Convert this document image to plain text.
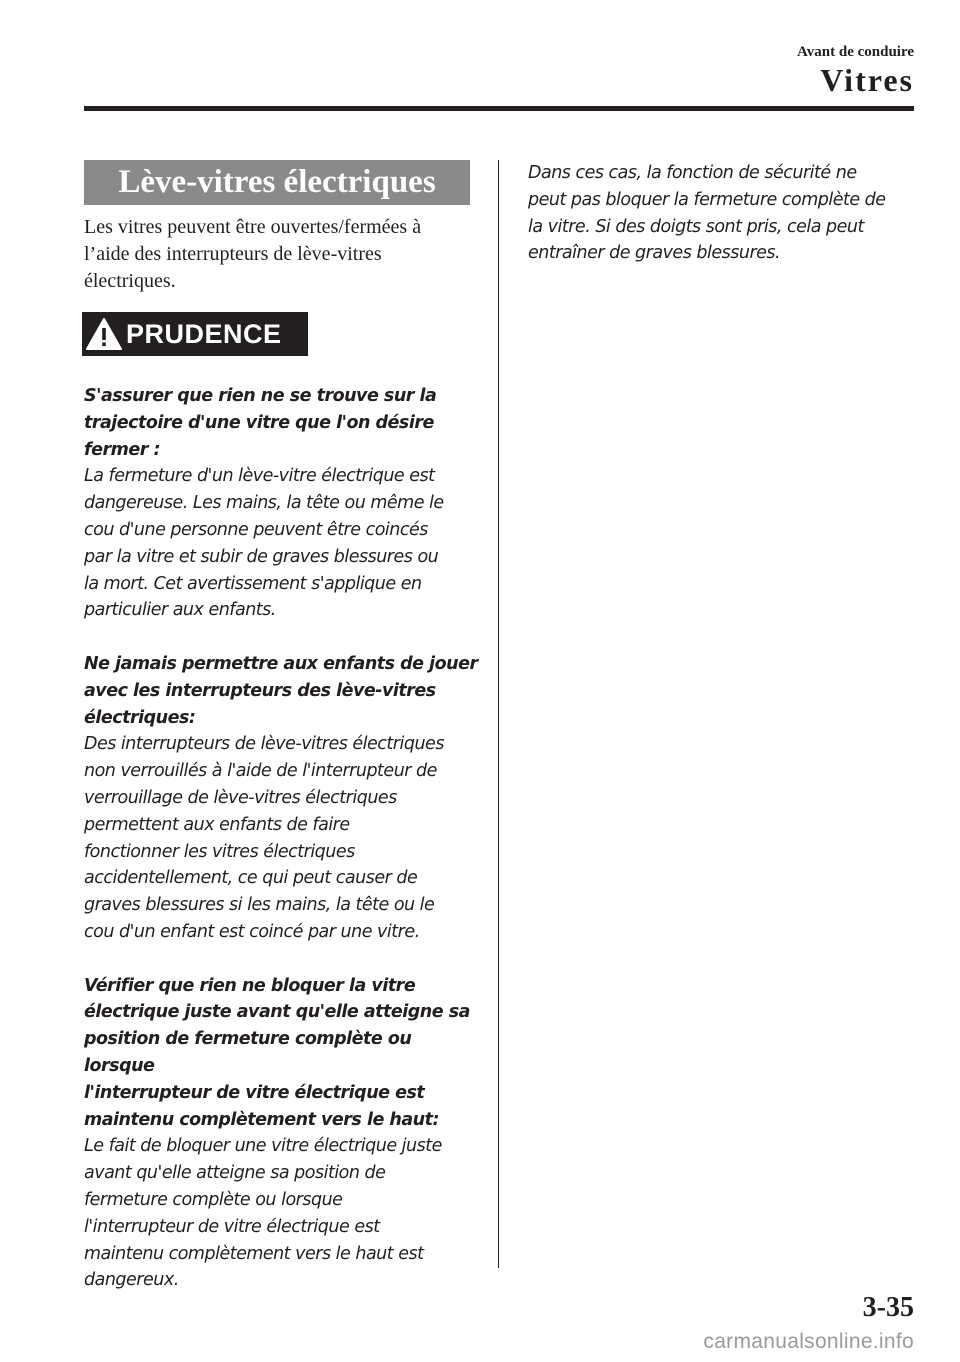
Avant de conduire
Vitres
Lève-vitres électriques

Les vitres peuvent être ouvertes/fermées à
l’aide des interrupteurs de lève-vitres
électriques.

PRUDENCE

S'assurer que rien ne se trouve sur la
trajectoire d'une vitre que l'on désire
fermer :

La fermeture d'un lève-vitre électrique est
dangereuse. Les mains, la tête ou même le
cou d'une personne peuvent être coincés
par la vitre et subir de graves blessures ou
la mort. Cet avertissement s'applique en
particulier aux enfants.

Ne jamais permettre aux enfants de jouer
avec les interrupteurs des lève-vitres
électriques:

Des interrupteurs de lève-vitres électriques
non verrouillés à l'aide de l'interrupteur de
verrouillage de lève-vitres électriques
permettent aux enfants de faire
fonctionner les vitres électriques
accidentellement, ce qui peut causer de
graves blessures si les mains, la tête ou le
cou d'un enfant est coincé par une vitre.

Vérifier que rien ne bloquer la vitre
électrique juste avant qu'elle atteigne sa
position de fermeture complète ou lorsque
l'interrupteur de vitre électrique est
maintenu complètement vers le haut:

Le fait de bloquer une vitre électrique juste
avant qu'elle atteigne sa position de
fermeture complète ou lorsque
l'interrupteur de vitre électrique est
maintenu complètement vers le haut est
dangereux.

Dans ces cas, la fonction de sécurité ne
peut pas bloquer la fermeture complète de
la vitre. Si des doigts sont pris, cela peut
entraîner de graves blessures.

3-35
carmanualsonline.info
